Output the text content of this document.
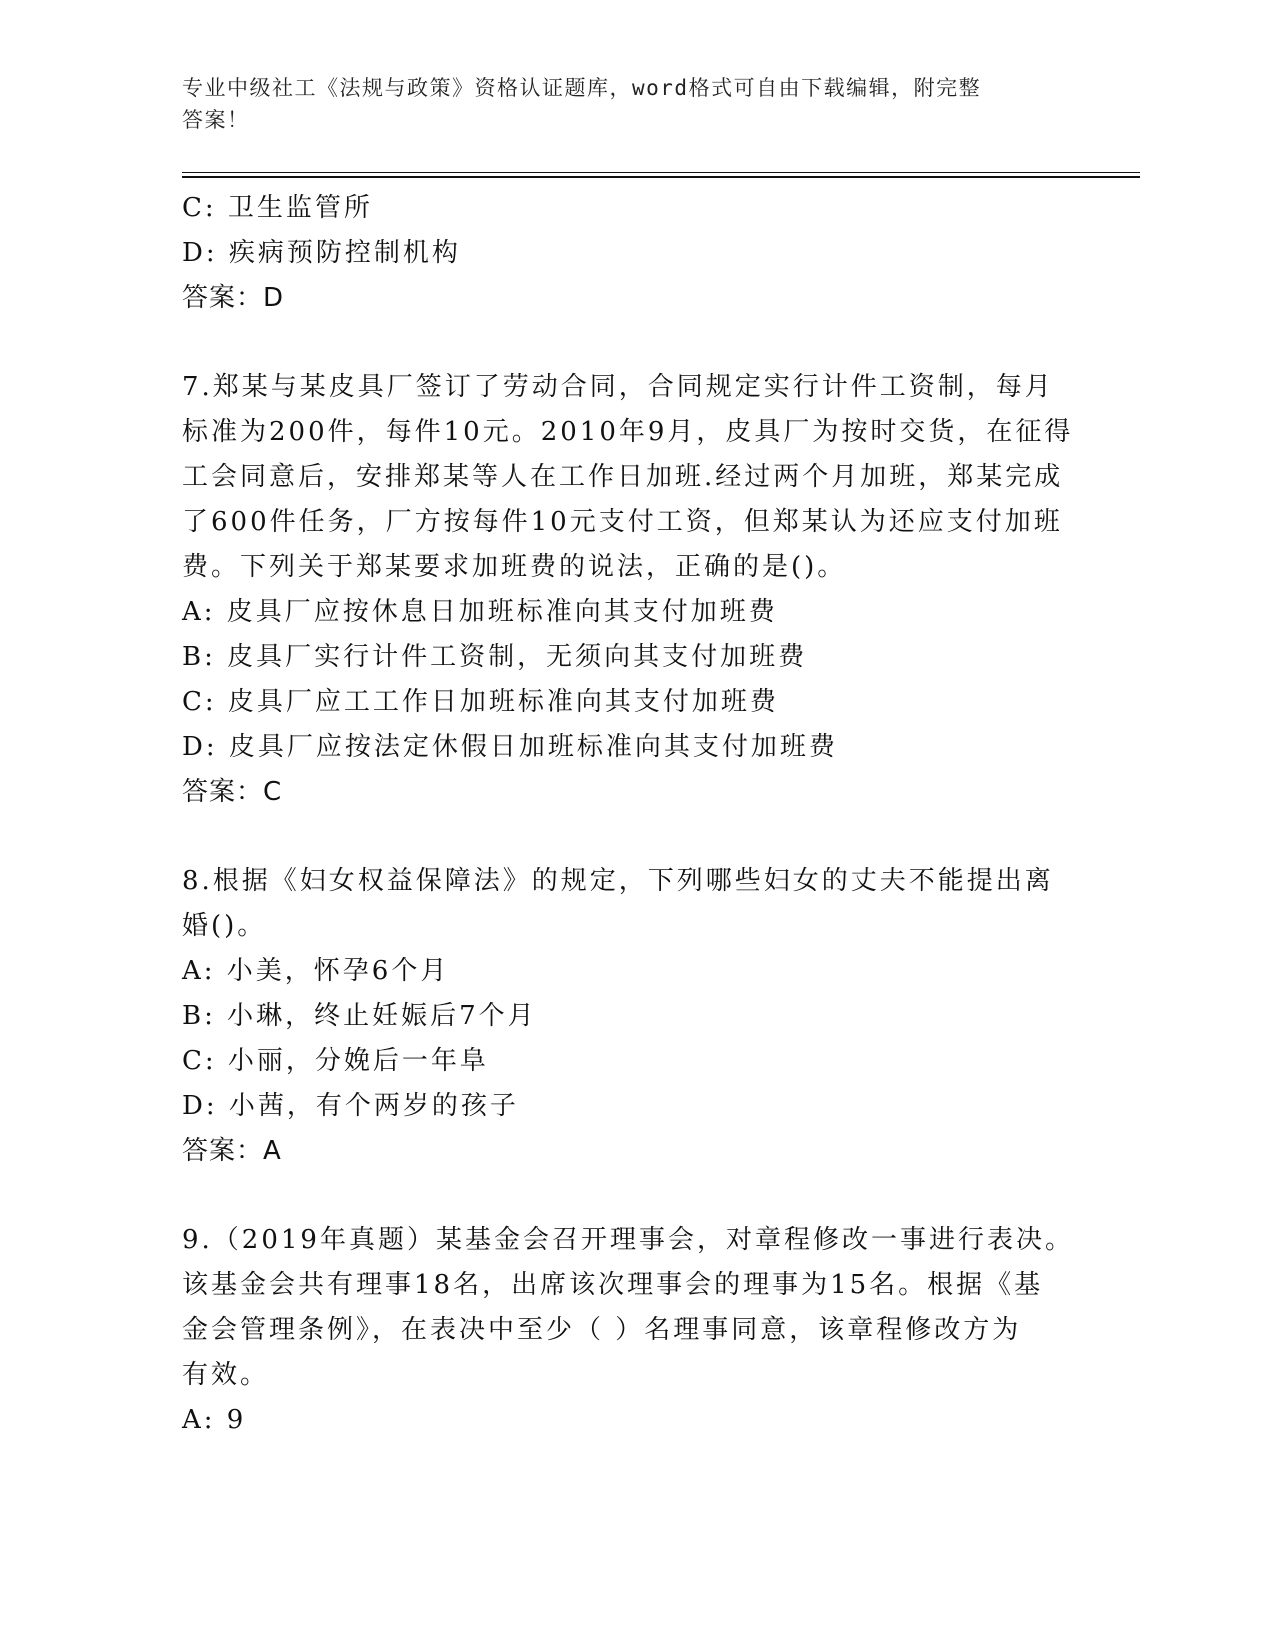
专业中级社工《法规与政策》资格认证题库，word格式可自由下载编辑，附完整
答案！
C: 卫生监管所
D: 疾病预防控制机构
答案：D
7.郑某与某皮具厂签订了劳动合同，合同规定实行计件工资制，每月
标准为200件，每件10元。2010年9月，皮具厂为按时交货，在征得
工会同意后，安排郑某等人在工作日加班.经过两个月加班，郑某完成
了600件任务，厂方按每件10元支付工资，但郑某认为还应支付加班
费。下列关于郑某要求加班费的说法，正确的是()。
A: 皮具厂应按休息日加班标准向其支付加班费
B: 皮具厂实行计件工资制，无须向其支付加班费
C: 皮具厂应工工作日加班标准向其支付加班费
D: 皮具厂应按法定休假日加班标准向其支付加班费
答案：C
8.根据《妇女权益保障法》的规定，下列哪些妇女的丈夫不能提出离
婚()。
A: 小美，怀孕6个月
B: 小琳，终止妊娠后7个月
C: 小丽，分娩后一年阜
D: 小茜，有个两岁的孩子
答案：A
9.（2019年真题）某基金会召开理事会，对章程修改一事进行表决。
该基金会共有理事18名，出席该次理事会的理事为15名。根据《基
金会管理条例》，在表决中至少（ ）名理事同意，该章程修改方为
有效。
A: 9
